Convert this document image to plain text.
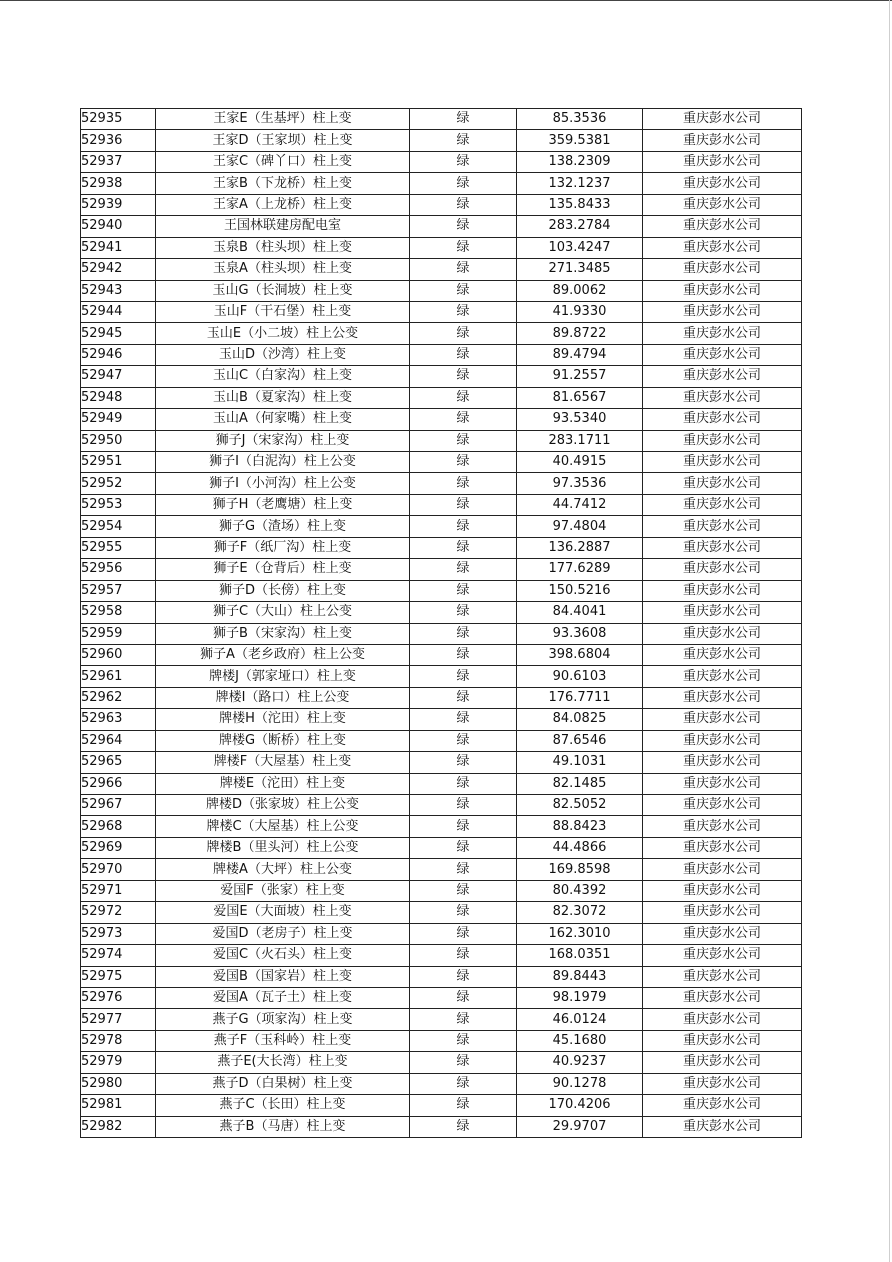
52935	王家E（生基坪）柱上变	绿	85.3536	重庆彭水公司
52936	王家D（王家坝）柱上变	绿	359.5381	重庆彭水公司
52937	王家C（碑丫口）柱上变	绿	138.2309	重庆彭水公司
52938	王家B（下龙桥）柱上变	绿	132.1237	重庆彭水公司
52939	王家A（上龙桥）柱上变	绿	135.8433	重庆彭水公司
52940	王国林联建房配电室	绿	283.2784	重庆彭水公司
52941	玉泉B（柱头坝）柱上变	绿	103.4247	重庆彭水公司
52942	玉泉A（柱头坝）柱上变	绿	271.3485	重庆彭水公司
52943	玉山G（长洞坡）柱上变	绿	89.0062	重庆彭水公司
52944	玉山F（干石堡）柱上变	绿	41.9330	重庆彭水公司
52945	玉山E（小二坡）柱上公变	绿	89.8722	重庆彭水公司
52946	玉山D（沙湾）柱上变	绿	89.4794	重庆彭水公司
52947	玉山C（白家沟）柱上变	绿	91.2557	重庆彭水公司
52948	玉山B（夏家沟）柱上变	绿	81.6567	重庆彭水公司
52949	玉山A（何家嘴）柱上变	绿	93.5340	重庆彭水公司
52950	狮子J（宋家沟）柱上变	绿	283.1711	重庆彭水公司
52951	狮子I（白泥沟）柱上公变	绿	40.4915	重庆彭水公司
52952	狮子I（小河沟）柱上公变	绿	97.3536	重庆彭水公司
52953	狮子H（老鹰塘）柱上变	绿	44.7412	重庆彭水公司
52954	狮子G（渣场）柱上变	绿	97.4804	重庆彭水公司
52955	狮子F（纸厂沟）柱上变	绿	136.2887	重庆彭水公司
52956	狮子E（仓背后）柱上变	绿	177.6289	重庆彭水公司
52957	狮子D（长傍）柱上变	绿	150.5216	重庆彭水公司
52958	狮子C（大山）柱上公变	绿	84.4041	重庆彭水公司
52959	狮子B（宋家沟）柱上变	绿	93.3608	重庆彭水公司
52960	狮子A（老乡政府）柱上公变	绿	398.6804	重庆彭水公司
52961	牌楼J（郭家垭口）柱上变	绿	90.6103	重庆彭水公司
52962	牌楼I（路口）柱上公变	绿	176.7711	重庆彭水公司
52963	牌楼H（沱田）柱上变	绿	84.0825	重庆彭水公司
52964	牌楼G（断桥）柱上变	绿	87.6546	重庆彭水公司
52965	牌楼F（大屋基）柱上变	绿	49.1031	重庆彭水公司
52966	牌楼E（沱田）柱上变	绿	82.1485	重庆彭水公司
52967	牌楼D（张家坡）柱上公变	绿	82.5052	重庆彭水公司
52968	牌楼C（大屋基）柱上公变	绿	88.8423	重庆彭水公司
52969	牌楼B（里头河）柱上公变	绿	44.4866	重庆彭水公司
52970	牌楼A（大坪）柱上公变	绿	169.8598	重庆彭水公司
52971	爱国F（张家）柱上变	绿	80.4392	重庆彭水公司
52972	爱国E（大面坡）柱上变	绿	82.3072	重庆彭水公司
52973	爱国D（老房子）柱上变	绿	162.3010	重庆彭水公司
52974	爱国C（火石头）柱上变	绿	168.0351	重庆彭水公司
52975	爱国B（国家岩）柱上变	绿	89.8443	重庆彭水公司
52976	爱国A（瓦子土）柱上变	绿	98.1979	重庆彭水公司
52977	燕子G（项家沟）柱上变	绿	46.0124	重庆彭水公司
52978	燕子F（玉科岭）柱上变	绿	45.1680	重庆彭水公司
52979	燕子E(大长湾）柱上变	绿	40.9237	重庆彭水公司
52980	燕子D（白果树）柱上变	绿	90.1278	重庆彭水公司
52981	燕子C（长田）柱上变	绿	170.4206	重庆彭水公司
52982	燕子B（马唐）柱上变	绿	29.9707	重庆彭水公司
